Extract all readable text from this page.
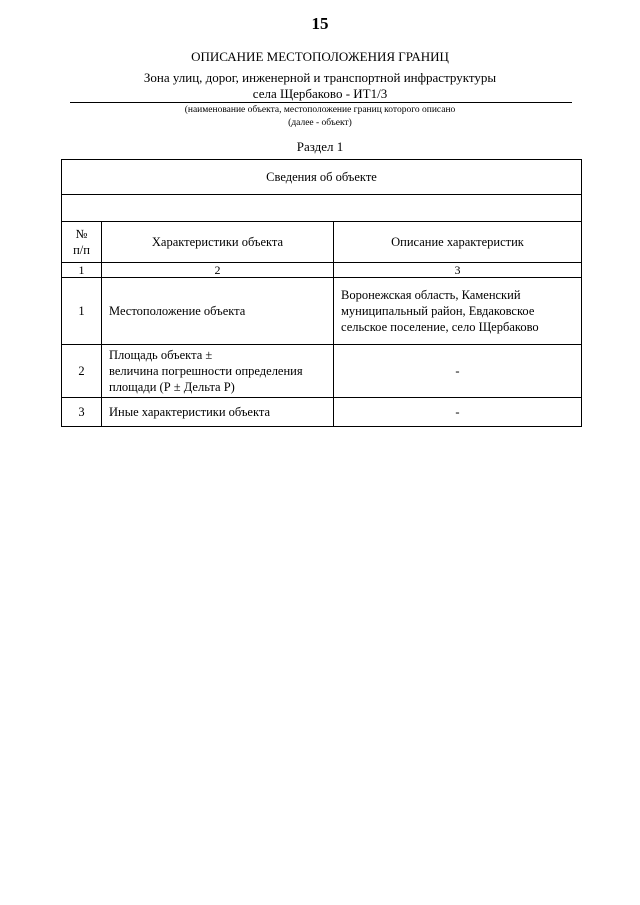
15
ОПИСАНИЕ МЕСТОПОЛОЖЕНИЯ ГРАНИЦ
Зона улиц, дорог, инженерной и транспортной инфраструктуры
села Щербаково - ИТ1/3
(наименование объекта, местоположение границ которого описано
(далее - объект)
Раздел 1
Сведения об объекте		

№
п/п	Характеристики объекта	Описание характеристик
1	2	3
1	Местоположение объекта	Воронежская область, Каменский
муниципальный район, Евдаковское
сельское поселение, село Щербаково

2	Площадь объекта ±
величина погрешности определения
площади (Р ± Дельта Р)	-
3	Иные характеристики объекта	-
